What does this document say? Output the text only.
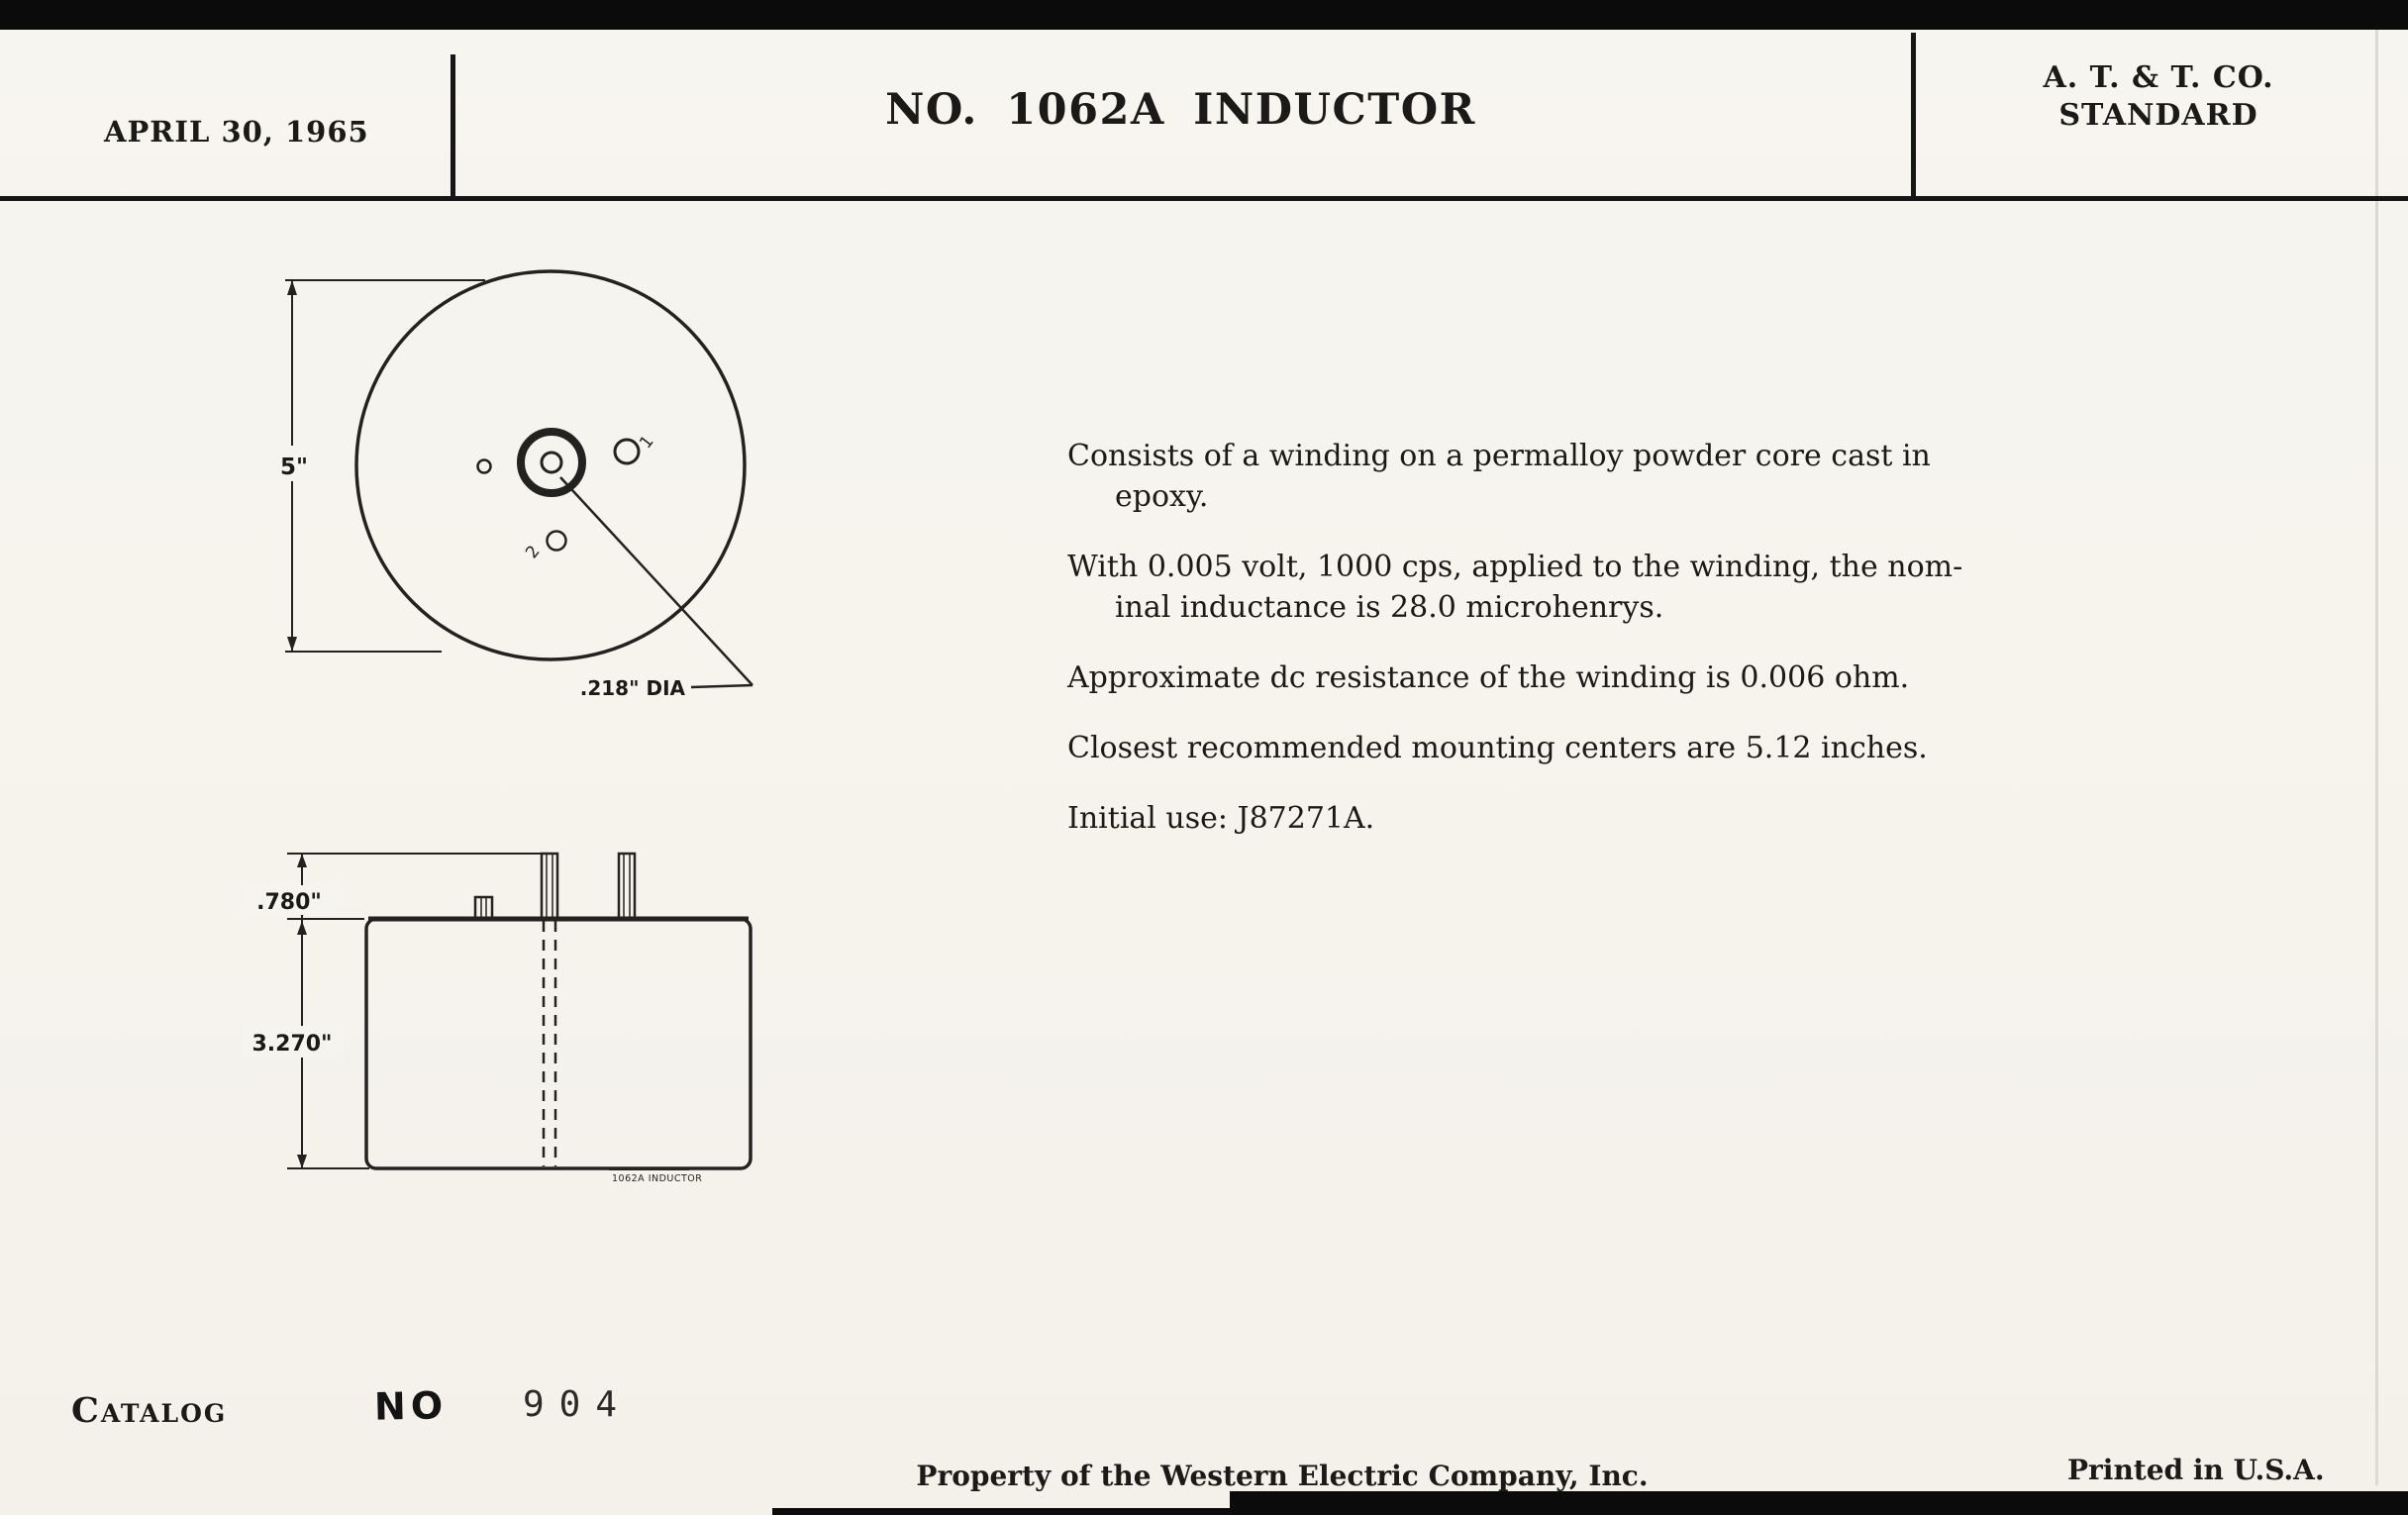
APRIL 30, 1965	NO. 1062A INDUCTOR
A. T. & T. CO.
STANDARD
1
2
.218" DIA
5"
.780"
3.270"
1062A INDUCTOR

Consists of a winding on a permalloy powder core cast in
epoxy.

With 0.005 volt, 1000 cps, applied to the winding, the nom-
inal inductance is 28.0 microhenrys.

Approximate dc resistance of the winding is 0.006 ohm.

Closest recommended mounting centers are 5.12 inches.

Initial use: J87271A.

Catalog	NO 904
Property of the Western Electric Company, Inc.	Printed in U.S.A.
